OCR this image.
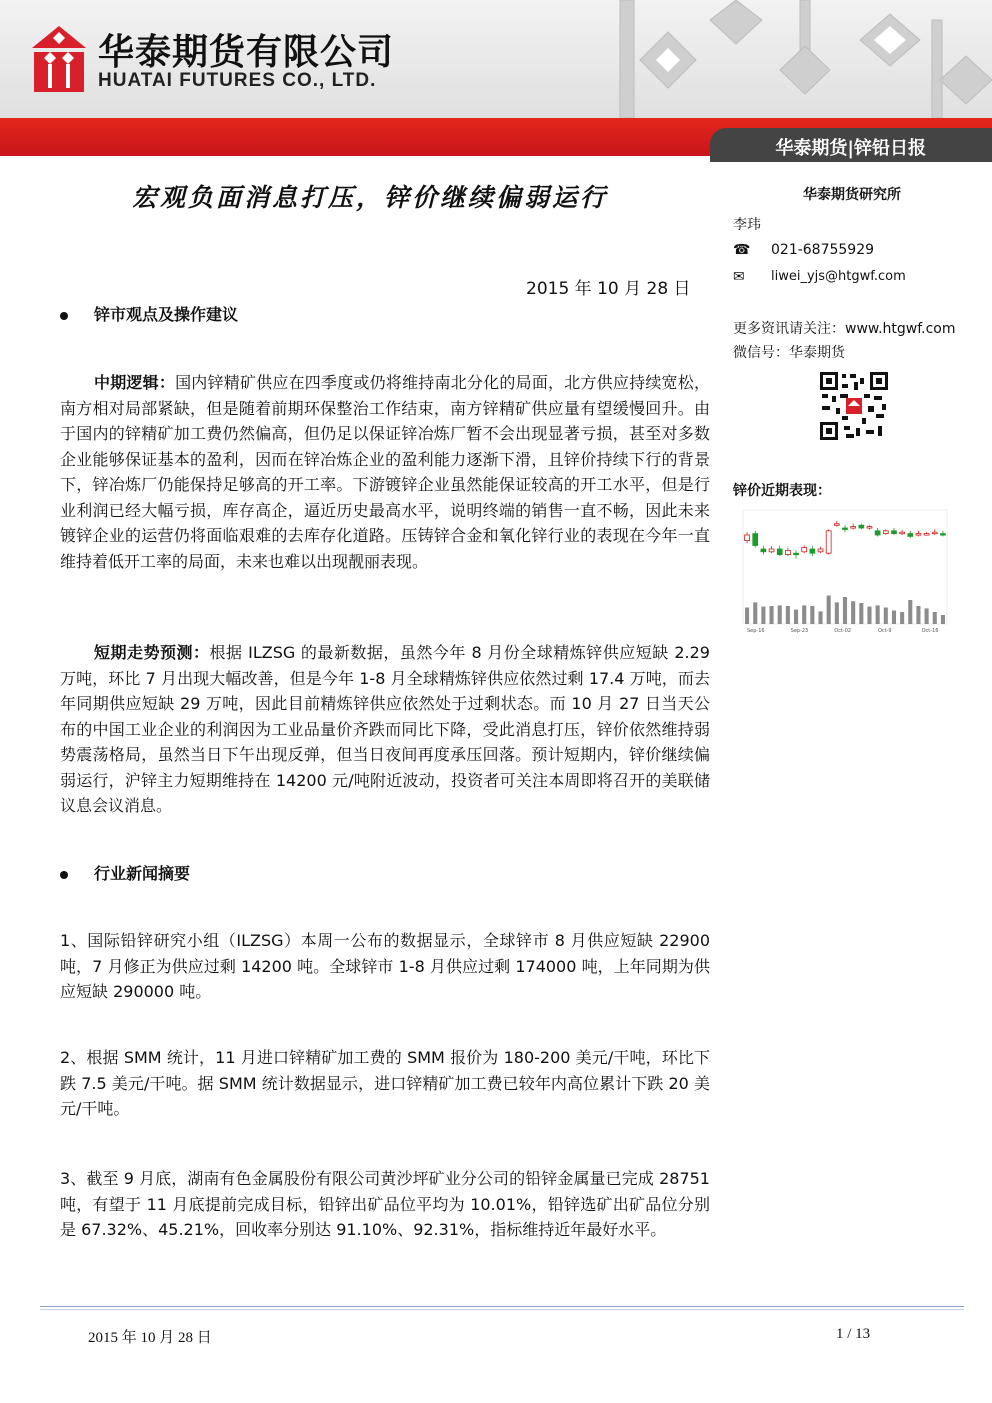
华泰期货有限公司
HUATAI FUTURES CO., LTD.
华泰期货|锌铅日报
宏观负面消息打压，锌价继续偏弱运行	华泰期货研究所
李玮
☎ 021-68755929
✉ liwei_yjs@htgwf.com
更多资讯请关注：www.htgwf.com
微信号：华泰期货
锌价近期表现：
Sep-16	Sep-23	Oct-02	Oct-9	Oct-16
2015 年 10 月 28 日
锌市观点及操作建议
中期逻辑：国内锌精矿供应在四季度或仍将维持南北分化的局面，北方供应持续宽松，南方相对局部紧缺，但是随着前期环保整治工作结束，南方锌精矿供应量有望缓慢回升。由于国内的锌精矿加工费仍然偏高，但仍足以保证锌冶炼厂暂不会出现显著亏损，甚至对多数企业能够保证基本的盈利，因而在锌冶炼企业的盈利能力逐渐下滑，且锌价持续下行的背景下，锌冶炼厂仍能保持足够高的开工率。下游镀锌企业虽然能保证较高的开工水平，但是行业利润已经大幅亏损，库存高企，逼近历史最高水平，说明终端的销售一直不畅，因此未来镀锌企业的运营仍将面临艰难的去库存化道路。压铸锌合金和氧化锌行业的表现在今年一直维持着低开工率的局面，未来也难以出现靓丽表现。
短期走势预测：根据 ILZSG 的最新数据，虽然今年 8 月份全球精炼锌供应短缺 2.29 万吨，环比 7 月出现大幅改善，但是今年 1-8 月全球精炼锌供应依然过剩 17.4 万吨，而去年同期供应短缺 29 万吨，因此目前精炼锌供应依然处于过剩状态。而 10 月 27 日当天公布的中国工业企业的利润因为工业品量价齐跌而同比下降，受此消息打压，锌价依然维持弱势震荡格局，虽然当日下午出现反弹，但当日夜间再度承压回落。预计短期内，锌价继续偏弱运行，沪锌主力短期维持在 14200 元/吨附近波动，投资者可关注本周即将召开的美联储议息会议消息。
行业新闻摘要
1、国际铅锌研究小组（ILZSG）本周一公布的数据显示，全球锌市 8 月供应短缺 22900 吨，7 月修正为供应过剩 14200 吨。全球锌市 1-8 月供应过剩 174000 吨，上年同期为供应短缺 290000 吨。
2、根据 SMM 统计，11 月进口锌精矿加工费的 SMM 报价为 180-200 美元/干吨，环比下跌 7.5 美元/干吨。据 SMM 统计数据显示，进口锌精矿加工费已较年内高位累计下跌 20 美元/干吨。
3、截至 9 月底，湖南有色金属股份有限公司黄沙坪矿业分公司的铅锌金属量已完成 28751 吨，有望于 11 月底提前完成目标，铅锌出矿品位平均为 10.01%，铅锌选矿出矿品位分别是 67.32%、45.21%，回收率分别达 91.10%、92.31%，指标维持近年最好水平。
2015 年 10 月 28 日	1 / 13
